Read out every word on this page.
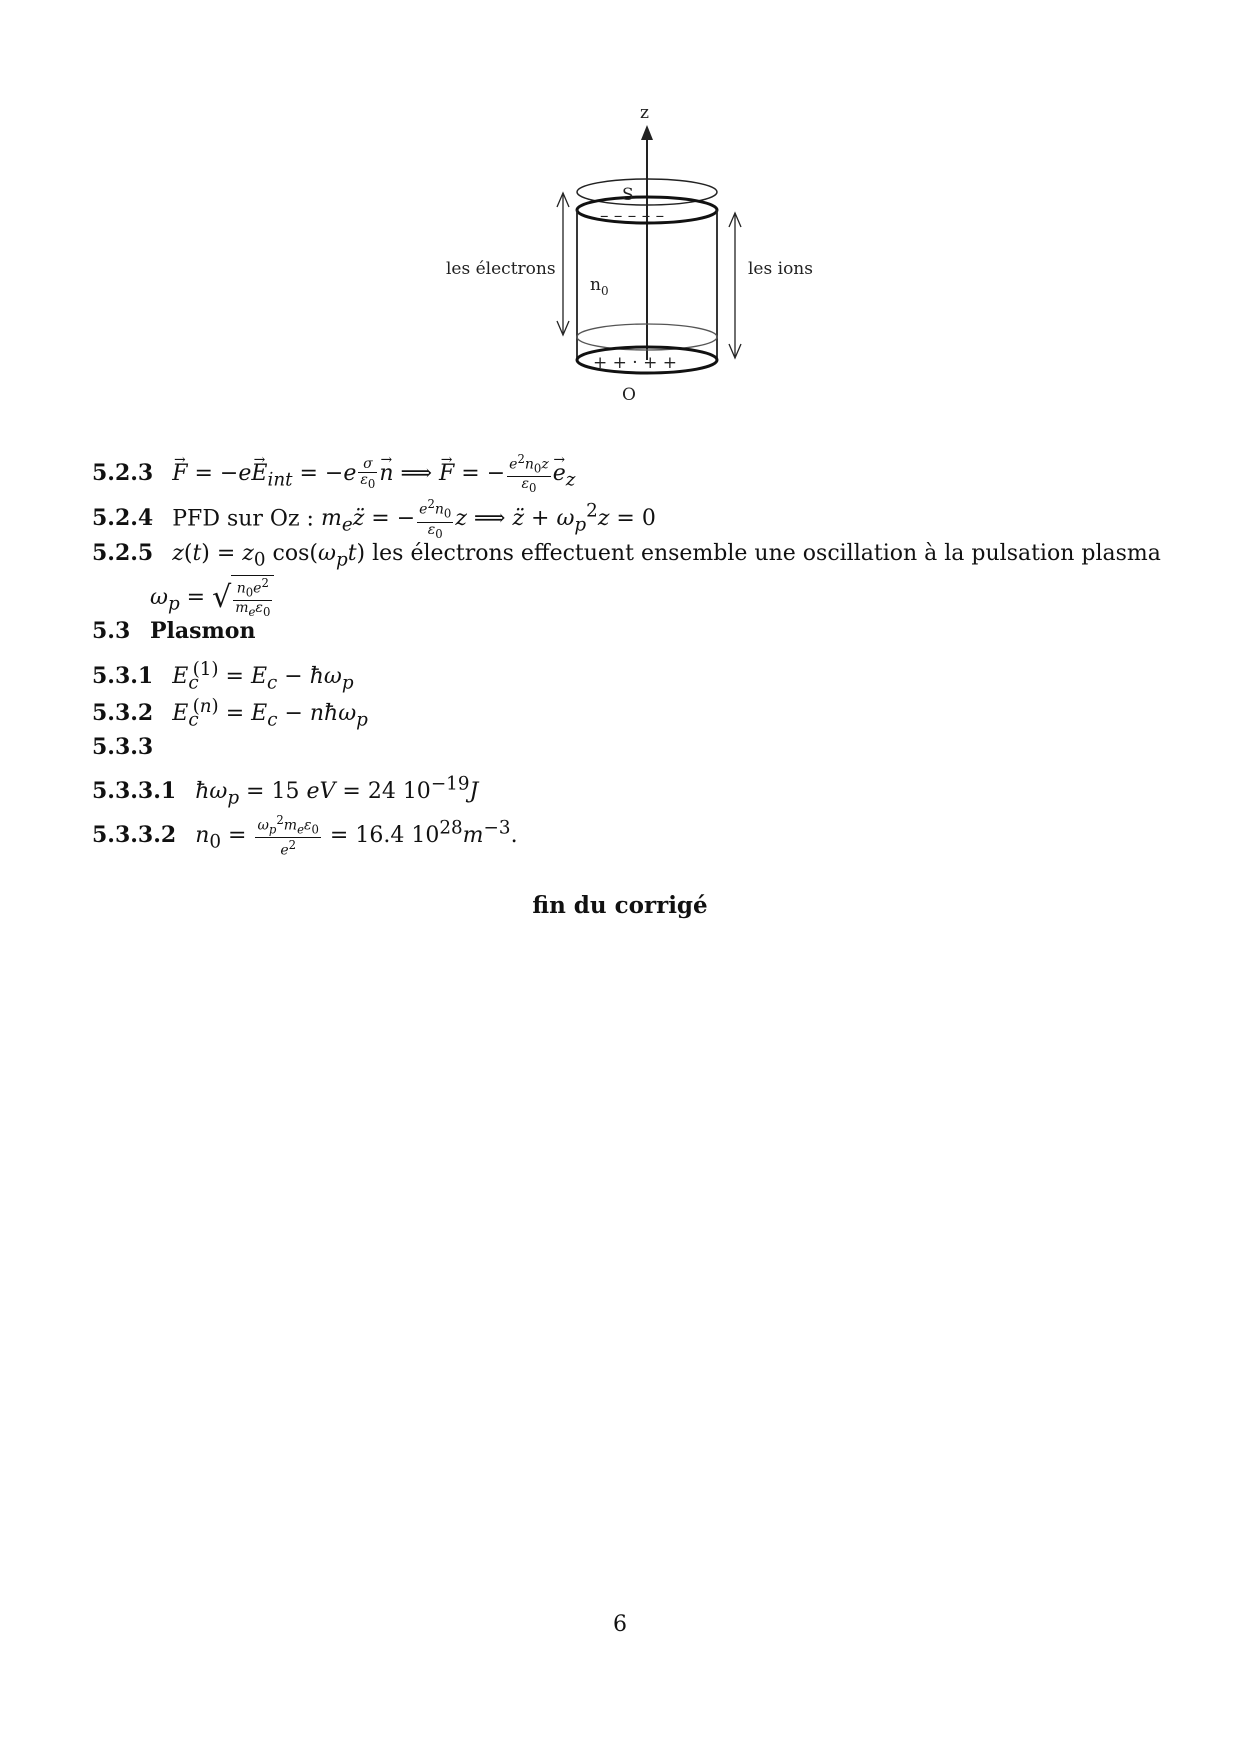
z
S
– – – – –
+ + · + +
$n_0$
O
les électrons	les ions
$5.2.3 \to F = -e\to E_{int} = -e \frac{\sigma}{\varepsilon_0}$
→ n ⟹ → F = − $\frac{e^2n_0z}{\varepsilon_0}$
→ $e_z$
5.2.4 PFD sur Oz : $m_ez̈$ = − $\frac{e^2n_0}{\varepsilon_0}$ z ⟹ z̈ + $\omega_p^2z = 0$
5.2.5 $z(t) = z_0$ $\cos(\omega_pt)$ les électrons effectuent ensemble une oscillation à la pulsation plasma
$\omega_p$ = √ $\frac{n_0e^2}{m_e\varepsilon_0}$
5.3 Plasmon
5.3.1 $E_c^{(1)} = E_c$ − $ħ\omega_p$
5.3.2 $E_c^{(n)} = E_c$ − nħω$_p$
5.3.3
5.3.3.1 $ħ\omega_p = 15$ eV = 24 $10^{-19}J$
5.3.3.2 $n_0 = \frac{\omega_p^2m_e\varepsilon_0}{e^2} = 16.4$ $10^{28}m^{-3}$.
fin du corrigé
6
